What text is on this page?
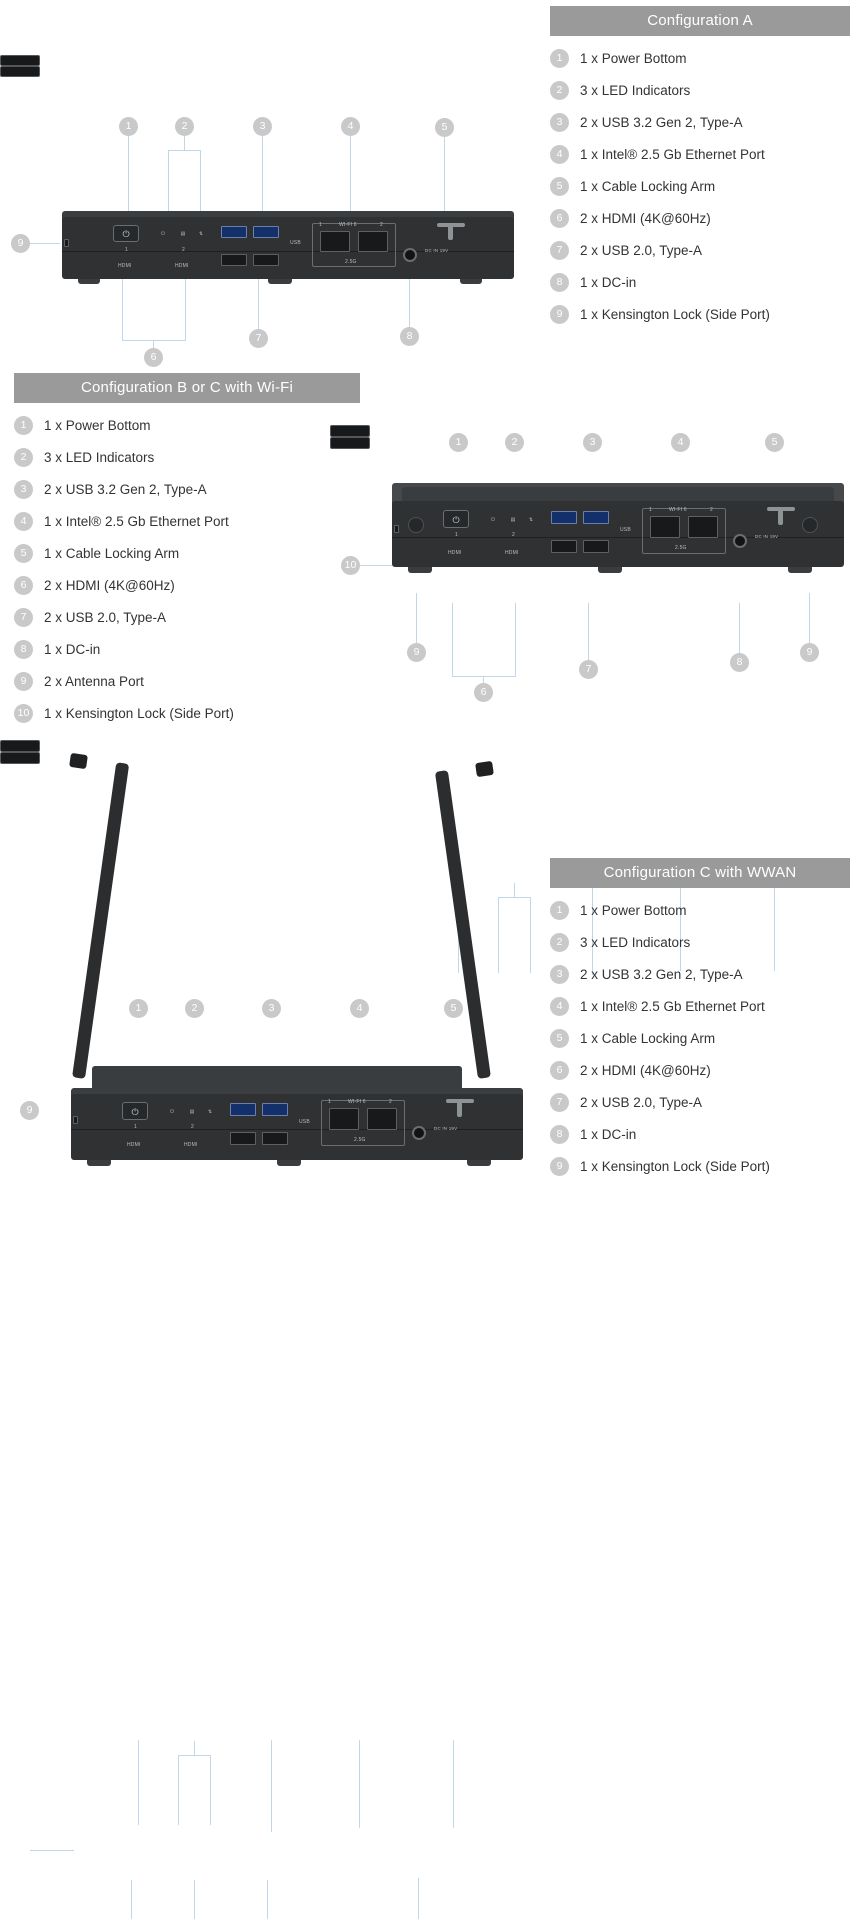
Configuration A
1	1 x Power Bottom
2	3 x LED Indicators
3	2 x USB 3.2 Gen 2, Type-A
4	1 x Intel® 2.5 Gb Ethernet Port
5	1 x Cable Locking Arm
6	2 x HDMI (4K@60Hz)
7	2 x USB 2.0, Type-A
8	1 x DC-in
9	1 x Kensington Lock (Side Port)
⏻	⏻	▤	⇅
HDMI	HDMI
1	2
USB
1	2
WI-FI 6
2.5G
DC IN 19V
1	2	3	4	5
6
7	8
9
Configuration B or C with Wi-Fi
1	1 x Power Bottom
2	3 x LED Indicators
3	2 x USB 3.2 Gen 2, Type-A
4	1 x Intel® 2.5 Gb Ethernet Port
5	1 x Cable Locking Arm
6	2 x HDMI (4K@60Hz)
7	2 x USB 2.0, Type-A
8	1 x DC-in
9	2 x Antenna Port
10 1 x Kensington Lock (Side Port)
⏻	⏻	▤	⇅
HDMI	HDMI
1	2
USB
1	2
WI-FI 6
2.5G
DC IN 19V
1	2	3	4	5
6
7
8
9	9
10
Configuration C with WWAN
1	1 x Power Bottom
2	3 x LED Indicators
3	2 x USB 3.2 Gen 2, Type-A
4	1 x Intel® 2.5 Gb Ethernet Port
5	1 x Cable Locking Arm
6	2 x HDMI (4K@60Hz)
7	2 x USB 2.0, Type-A
8	1 x DC-in
9	1 x Kensington Lock (Side Port)
⏻	⏻	▤	⇅
HDMI	HDMI
1	2
USB
1	2
WI-FI 6
2.5G
DC IN 19V
1	2	3	4	5
9
